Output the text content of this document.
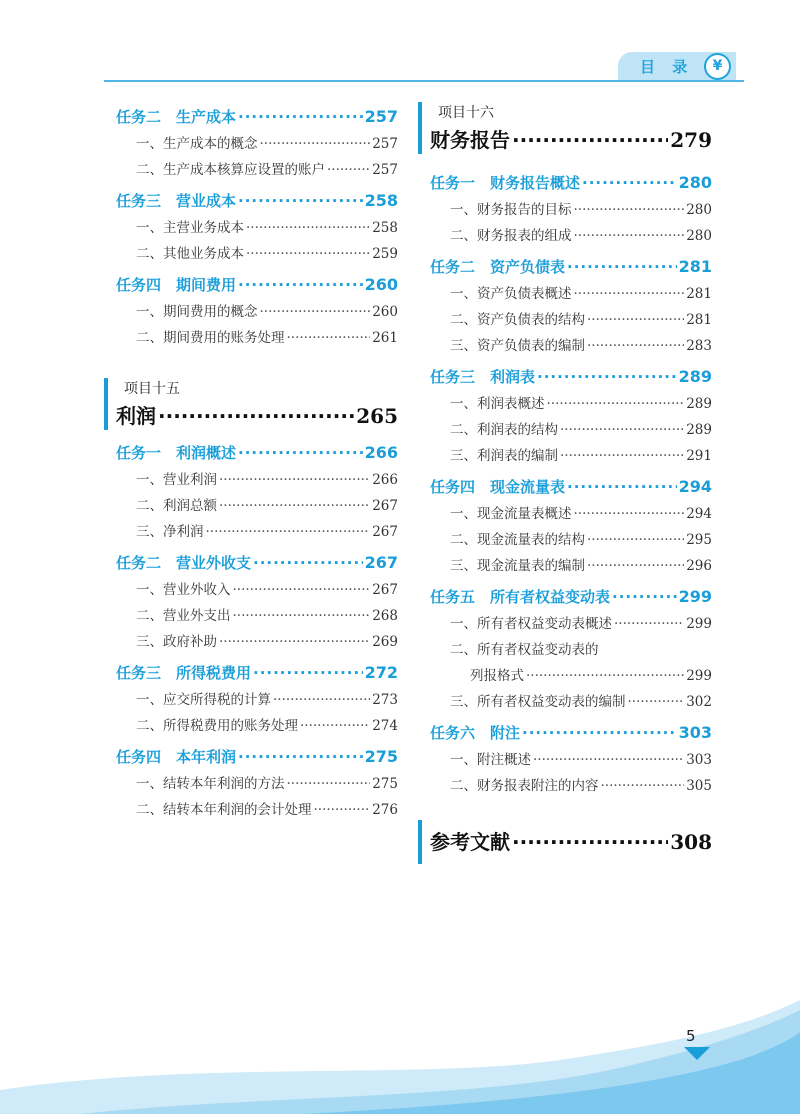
目 录	¥
任务二　生产成本 ·····	257
一、生产成本的概念 ·····	257
二、生产成本核算应设置的账户 ·····	257
任务三　营业成本 ·····	258
一、主营业务成本 ·····	258
二、其他业务成本 ·····	259
任务四　期间费用 ·····	260
一、期间费用的概念 ·····	260
二、期间费用的账务处理 ·····	261
项目十五
利润 ·····	265
任务一　利润概述 ·····	266
一、营业利润 ·····	266
二、利润总额 ·····	267
三、净利润 ·····	267
任务二　营业外收支 ·····	267
一、营业外收入 ·····	267
二、营业外支出 ·····	268
三、政府补助 ·····	269
任务三　所得税费用 ·····	272
一、应交所得税的计算 ·····	273
二、所得税费用的账务处理 ·····	274
任务四　本年利润 ·····	275
一、结转本年利润的方法 ·····	275
二、结转本年利润的会计处理 ·····	276
项目十六
财务报告 ·····	279
任务一　财务报告概述 ·····	280
一、财务报告的目标 ·····	280
二、财务报表的组成 ·····	280
任务二　资产负债表 ·····	281
一、资产负债表概述 ·····	281
二、资产负债表的结构 ·····	281
三、资产负债表的编制 ·····	283
任务三　利润表 ·····	289
一、利润表概述 ·····	289
二、利润表的结构 ·····	289
三、利润表的编制 ·····	291
任务四　现金流量表 ·····	294
一、现金流量表概述 ·····	294
二、现金流量表的结构 ·····	295
三、现金流量表的编制 ·····	296
任务五　所有者权益变动表 ·····	299
一、所有者权益变动表概述 ·····	299
二、所有者权益变动表的
列报格式 ·····	299
三、所有者权益变动表的编制 ·····	302
任务六　附注 ·····	303
一、附注概述 ·····	303
二、财务报表附注的内容 ·····	305
参考文献 ·····	308
5
